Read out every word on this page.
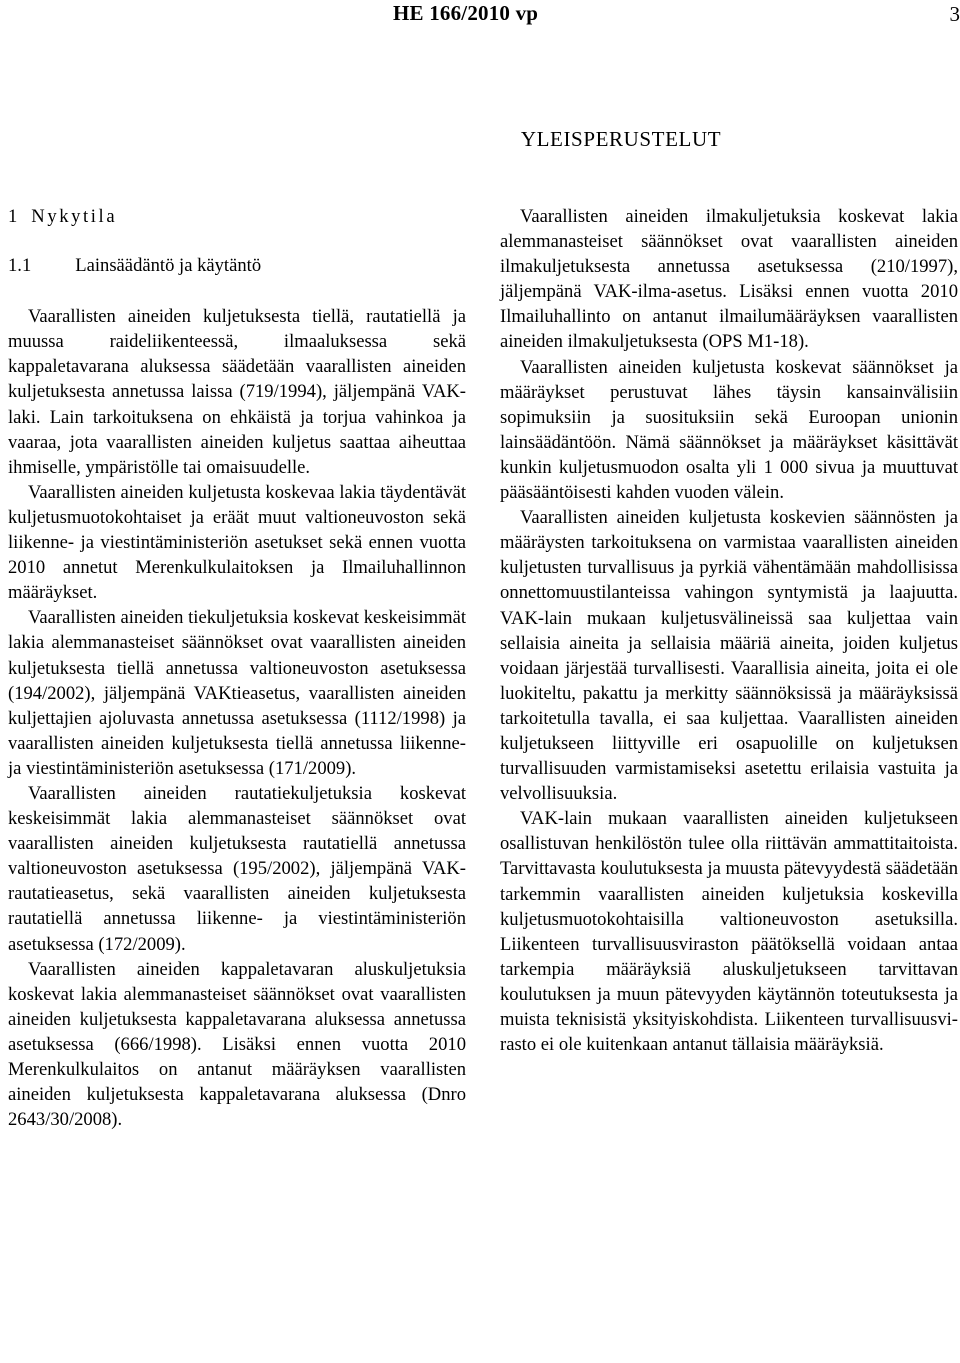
HE 166/2010 vp	3
YLEISPERUSTELUT
1 Nykytila
1.1 Lainsäädäntö ja käytäntö

Vaarallisten aineiden kuljetuksesta tiellä, rautatiellä ja muussa raideliikenteessä, ilmaaluksessa sekä kappaletavarana aluksessa säädetään vaarallisten aineiden kuljetuksesta annetussa laissa (719/1994), jäljempänä VAK-laki. Lain tarkoituksena on ehkäistä ja torjua vahinkoa ja vaaraa, jota vaarallisten aineiden kuljetus saattaa aiheuttaa ihmiselle, ympäristölle tai omaisuudelle.

Vaarallisten aineiden kuljetusta koskevaa lakia täydentävät kuljetusmuotokohtaiset ja eräät muut valtioneuvoston sekä liikenne- ja viestintäministeriön asetukset sekä ennen vuotta 2010 annetut Merenkulkulaitoksen ja Ilmailuhallinnon määräykset.

Vaarallisten aineiden tiekuljetuksia koskevat keskeisimmät lakia alemmanasteiset säännökset ovat vaarallisten aineiden kuljetuksesta tiellä annetussa valtioneuvoston asetuksessa (194/2002), jäljempänä VAKtieasetus, vaarallisten aineiden kuljettajien ajoluvasta annetussa asetuksessa (1112/1998) ja vaarallisten aineiden kuljetuksesta tiellä annetussa liikenne- ja viestintäministeriön asetuksessa (171/2009).

Vaarallisten aineiden rautatiekuljetuksia koskevat keskeisimmät lakia alemmanasteiset säännökset ovat vaarallisten aineiden kuljetuksesta rautatiellä annetussa valtioneuvoston asetuksessa (195/2002), jäljempänä VAK-rautatieasetus, sekä vaarallisten aineiden kuljetuksesta rautatiellä annetussa liikenne- ja viestintäministeriön asetuksessa (172/2009).

Vaarallisten aineiden kappaletavaran aluskuljetuksia koskevat lakia alemmanasteiset säännökset ovat vaarallisten aineiden kuljetuksesta kappaletavarana aluksessa annetussa asetuksessa (666/1998). Lisäksi ennen vuotta 2010 Merenkulkulaitos on antanut määräyksen vaarallisten aineiden kuljetuksesta kappaletavarana aluksessa (Dnro 2643/30/2008).

Vaarallisten aineiden ilmakuljetuksia koskevat lakia alemmanasteiset säännökset ovat vaarallisten aineiden ilmakuljetuksesta annetussa asetuksessa (210/1997), jäljempänä VAK-ilma-asetus. Lisäksi ennen vuotta 2010 Ilmailuhallinto on antanut ilmailumääräyksen vaarallisten aineiden ilmakuljetuksesta (OPS M1-18).

Vaarallisten aineiden kuljetusta koskevat säännökset ja määräykset perustuvat lähes täysin kansainvälisiin sopimuksiin ja suosituksiin sekä Euroopan unionin lainsäädäntöön. Nämä säännökset ja määräykset käsittävät kunkin kuljetusmuodon osalta yli 1 000 sivua ja muuttuvat pääsääntöisesti kahden vuoden välein.

Vaarallisten aineiden kuljetusta koskevien säännösten ja määräysten tarkoituksena on varmistaa vaarallisten aineiden kuljetusten turvallisuus ja pyrkiä vähentämään mahdollisissa onnettomuustilanteissa vahingon syntymistä ja laajuutta. VAK-lain mukaan kuljetusvälineissä saa kuljettaa vain sellaisia aineita ja sellaisia määriä aineita, joiden kuljetus voidaan järjestää turvallisesti. Vaarallisia aineita, joita ei ole luokiteltu, pakattu ja merkitty säännöksissä ja määräyksissä tarkoitetulla tavalla, ei saa kuljettaa. Vaarallisten aineiden kuljetukseen liittyville eri osapuolille on kuljetuksen turvallisuuden varmistamiseksi asetettu erilaisia vastuita ja velvollisuuksia.

VAK-lain mukaan vaarallisten aineiden kuljetukseen osallistuvan henkilöstön tulee olla riittävän ammattitaitoista. Tarvittavasta koulutuksesta ja muusta pätevyydestä säädetään tarkemmin vaarallisten aineiden kuljetuksia koskevilla kuljetusmuotokohtaisilla valtioneuvoston asetuksilla. Liikenteen turvallisuusviraston päätöksellä voidaan antaa tarkempia määräyksiä aluskuljetukseen tarvittavan koulutuksen ja muun pätevyyden käytännön toteutuksesta ja muista teknisistä yksityiskohdista. Liikenteen turvallisuusvirasto ei ole kuitenkaan antanut tällaisia määräyksiä.
